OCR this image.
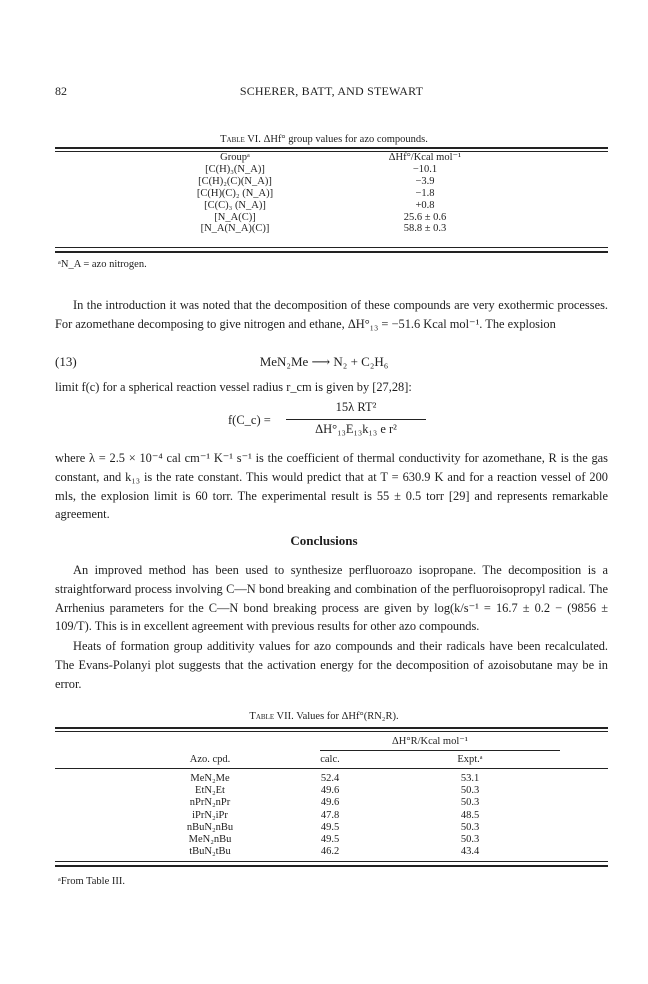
82	SCHERER, BATT, AND STEWART
Table VI. ΔHf° group values for azo compounds.
Groupᵃ	ΔHf°/Kcal mol⁻¹
[C(H)₃(N_A)]	−10.1
[C(H)₂(C)(N_A)]	−3.9
[C(H)(C)₂ (N_A)]	−1.8
[C(C)₃ (N_A)]	+0.8
[N_A(C)]	25.6 ± 0.6
[N_A(N_A)(C)]	58.8 ± 0.3
ᵃN_A = azo nitrogen.

In the introduction it was noted that the decomposition of these compounds are very exothermic processes. For azomethane decomposing to give nitrogen and ethane, ΔH°₁₃ = −51.6 Kcal mol⁻¹. The explosion

(13)	MeN₂Me ⟶ N₂ + C₂H₆

limit f(c) for a spherical reaction vessel radius r_cm is given by [27,28]:

f(C_c) =
15λ RT²
ΔH°₁₃E₁₃k₁₃ e r²

where λ = 2.5 × 10⁻⁴ cal cm⁻¹ K⁻¹ s⁻¹ is the coefficient of thermal conductivity for azomethane, R is the gas constant, and k₁₃ is the rate constant. This would predict that at T = 630.9 K and for a reaction vessel of 200 mls, the explosion limit is 60 torr. The experimental result is 55 ± 0.5 torr [29] and represents remarkable agreement.

Conclusions

An improved method has been used to synthesize perfluoroazo isopropane. The decomposition is a straightforward process involving C—N bond breaking and combination of the perfluoroisopropyl radical. The Arrhenius parameters for the C—N bond breaking process are given by log(k/s⁻¹ = 16.7 ± 0.2 − (9856 ± 109/T). This is in excellent agreement with previous results for other azo compounds.

Heats of formation group additivity values for azo compounds and their radicals have been recalculated. The Evans-Polanyi plot suggests that the activation energy for the decomposition of azoisobutane may be in error.

Table VII. Values for ΔHf°(RN₂R).
ΔH°R/Kcal mol⁻¹
Azo. cpd.	calc.	Expt.ᵃ
MeN₂Me	52.4	53.1
EtN₂Et	49.6	50.3
nPrN₂nPr	49.6	50.3
iPrN₂iPr	47.8	48.5
nBuN₂nBu	49.5	50.3
MeN₂nBu	49.5	50.3
tBuN₂tBu	46.2	43.4
ᵃFrom Table III.
